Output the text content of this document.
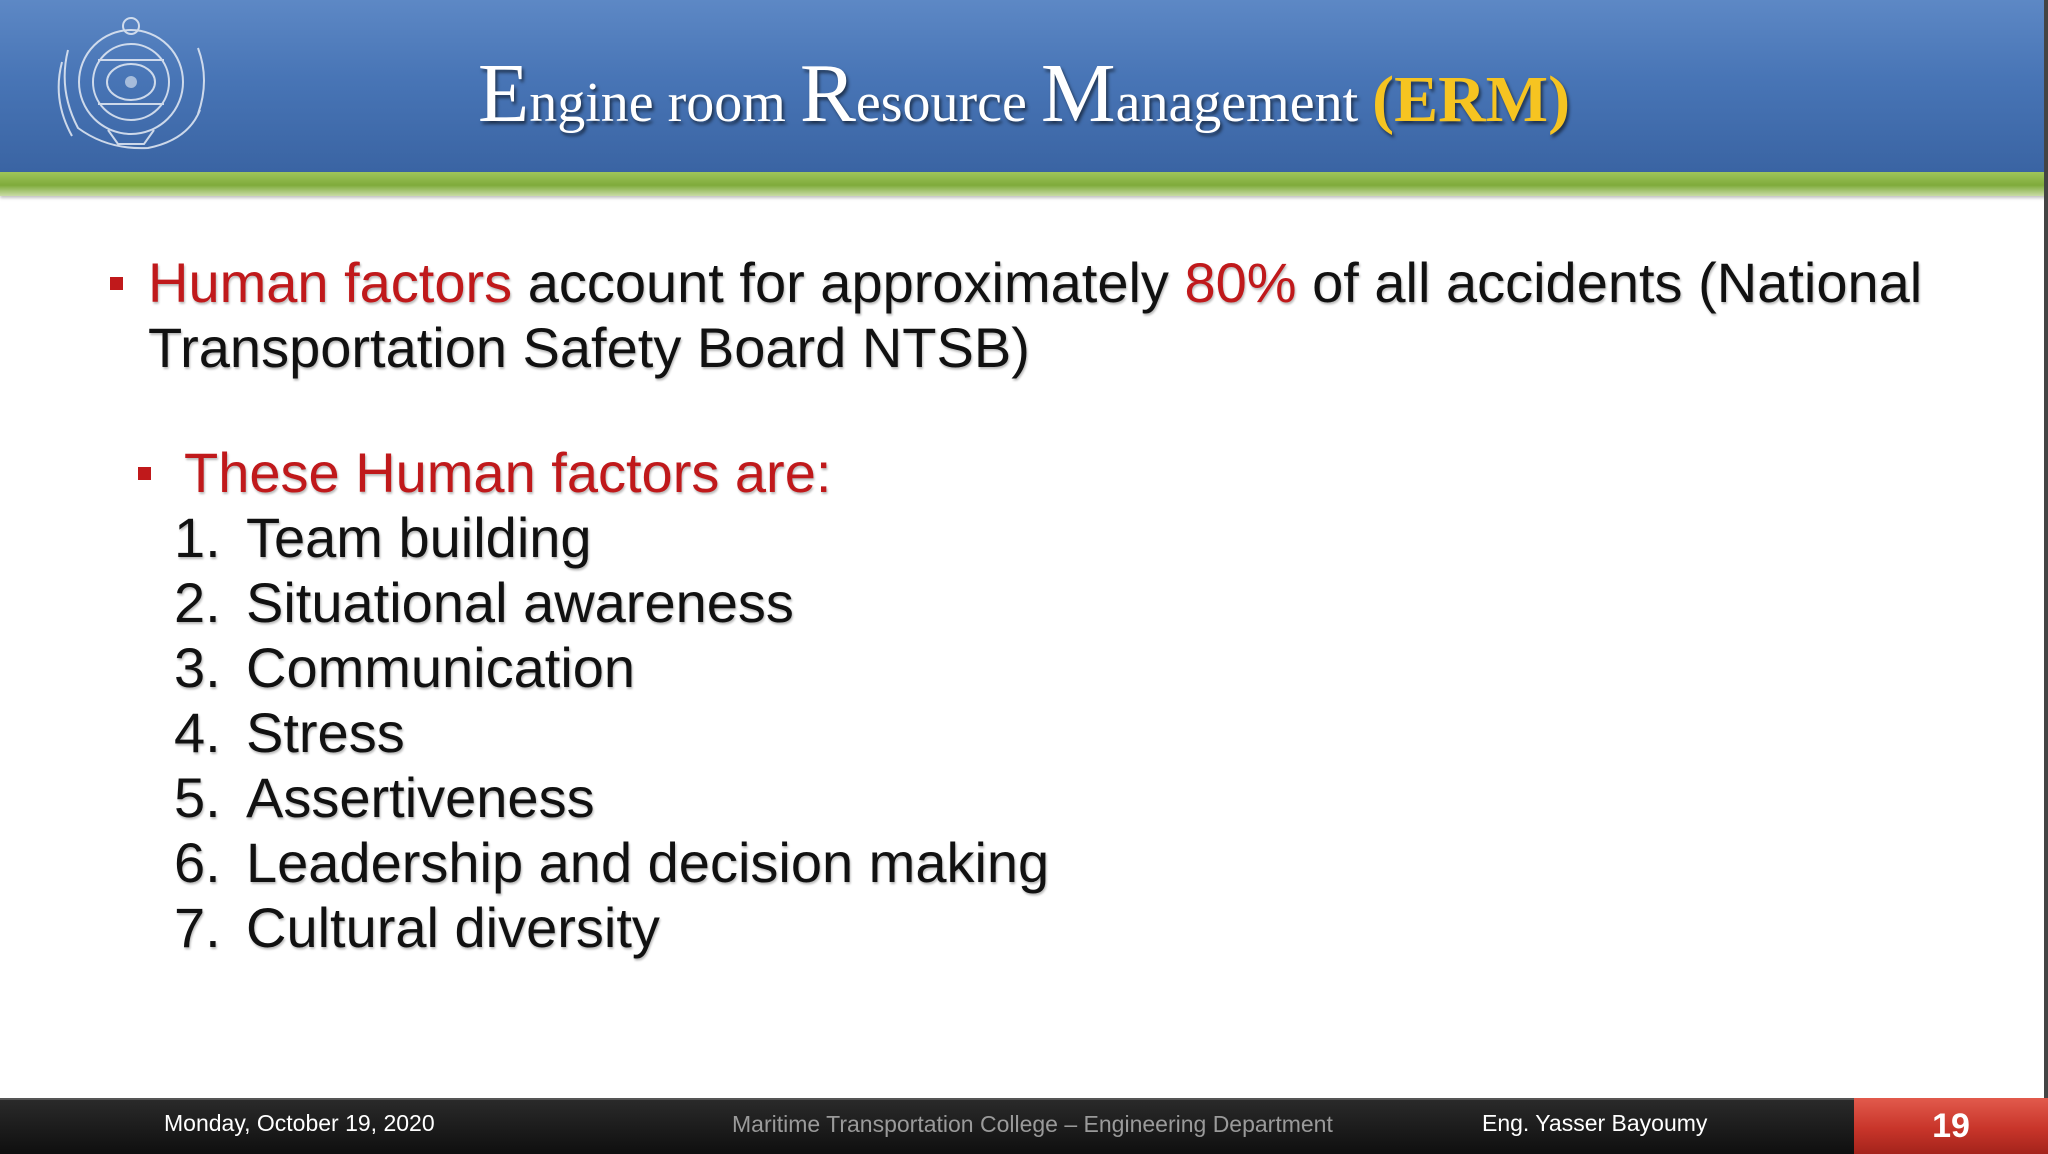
Engine room Resource Management (ERM)
Human factors account for approximately 80% of all accidents (National
Transportation Safety Board NTSB)
These Human factors are:
1. Team building
2. Situational awareness
3. Communication
4. Stress
5. Assertiveness
6. Leadership and decision making
7. Cultural diversity
Monday, October 19, 2020	Maritime Transportation College – Engineering Department	Eng. Yasser Bayoumy	19
